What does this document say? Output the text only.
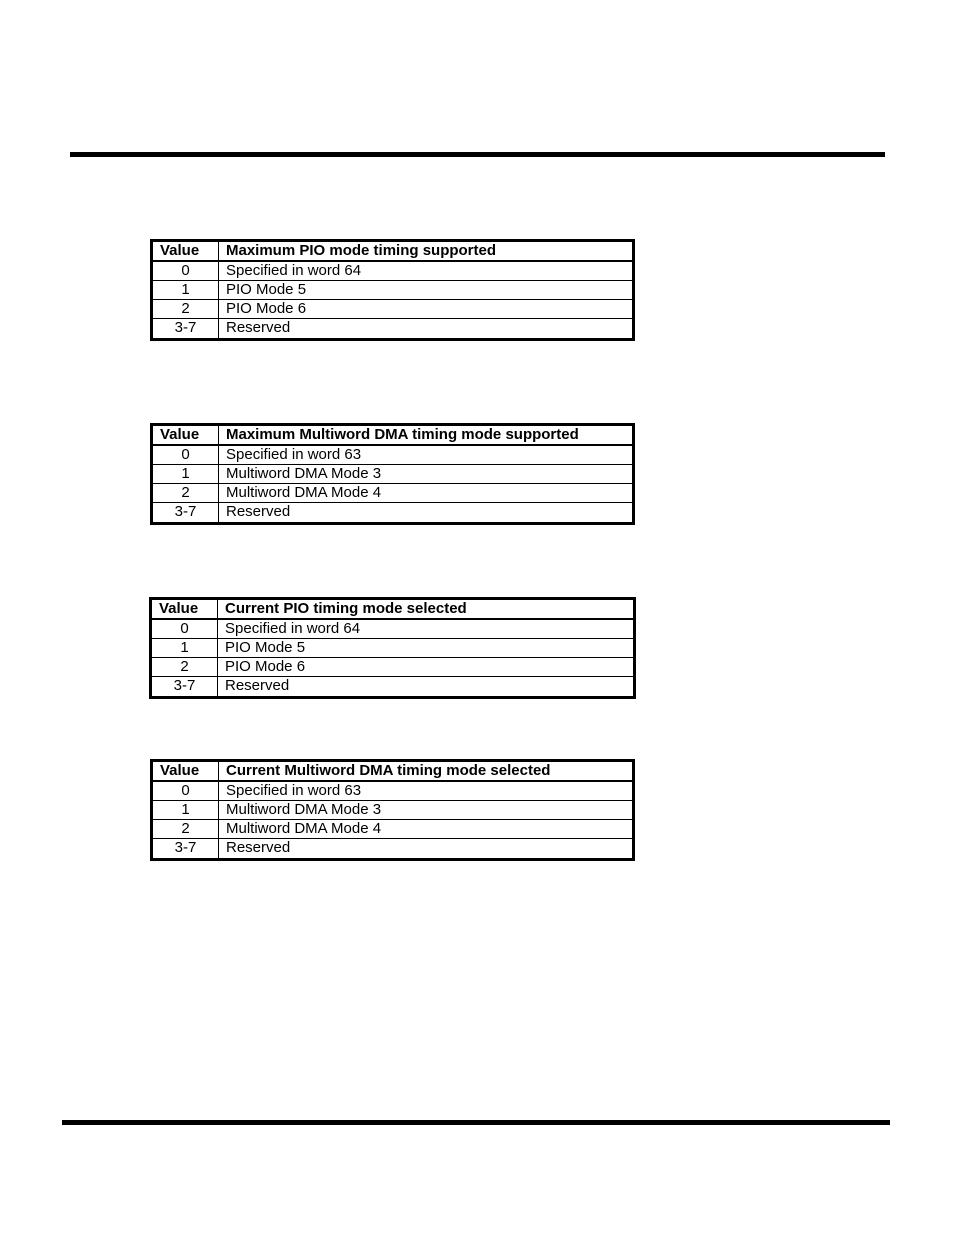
Value	Maximum PIO mode timing supported
0	Specified in word 64
1	PIO Mode 5
2	PIO Mode 6
3-7	Reserved
Value	Maximum Multiword DMA timing mode supported
0	Specified in word 63
1	Multiword DMA Mode 3
2	Multiword DMA Mode 4
3-7	Reserved
Value	Current PIO timing mode selected
0	Specified in word 64
1	PIO Mode 5
2	PIO Mode 6
3-7	Reserved
Value	Current Multiword DMA timing mode selected
0	Specified in word 63
1	Multiword DMA Mode 3
2	Multiword DMA Mode 4
3-7	Reserved
